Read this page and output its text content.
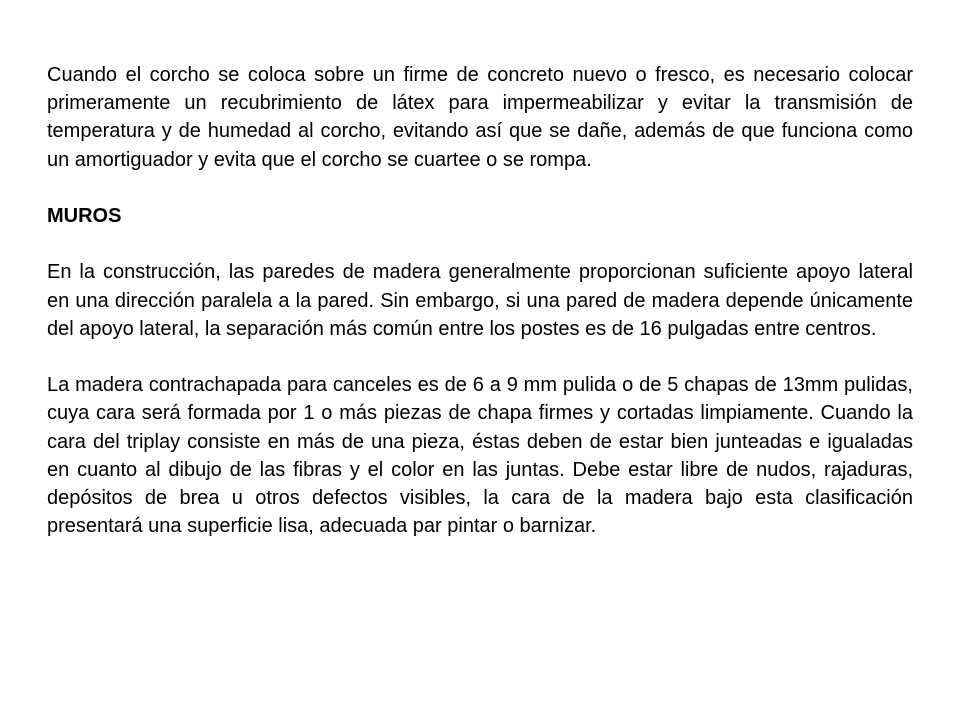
Cuando el corcho se coloca sobre un firme de concreto nuevo o fresco, es necesario colocar primeramente un recubrimiento de látex para impermeabilizar y evitar la transmisión de temperatura y de humedad al corcho, evitando así que se dañe, además de que funciona como un amortiguador y evita que el corcho se cuartee o se rompa.

MUROS

En la construcción, las paredes de madera generalmente proporcionan suficiente apoyo lateral en una dirección paralela a la pared. Sin embargo, si una pared de madera depende únicamente del apoyo lateral, la separación más común entre los postes es de 16 pulgadas entre centros.

La madera contrachapada para canceles es de 6 a 9 mm pulida o de 5 chapas de 13mm pulidas, cuya cara será formada por 1 o más piezas de chapa firmes y cortadas limpiamente. Cuando la cara del triplay consiste en más de una pieza, éstas deben de estar bien junteadas e igualadas en cuanto al dibujo de las fibras y el color en las juntas. Debe estar libre de nudos, rajaduras, depósitos de brea u otros defectos visibles, la cara de la madera bajo esta clasificación presentará una superficie lisa, adecuada par pintar o barnizar.
